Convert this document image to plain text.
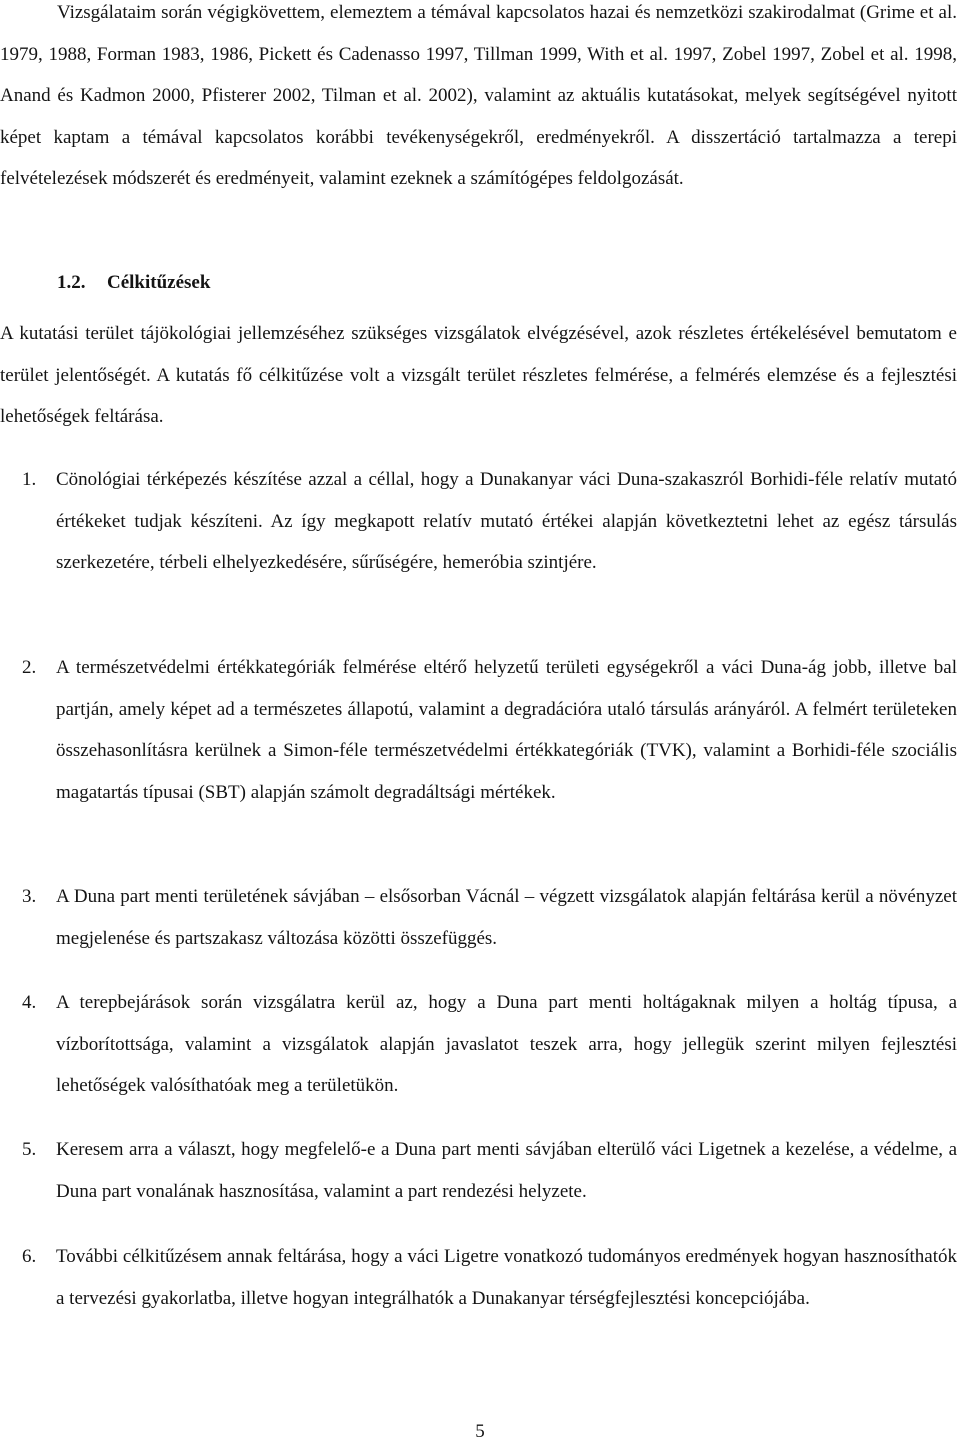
Vizsgálataim során végigkövettem, elemeztem a témával kapcsolatos hazai és nemzetközi szakirodalmat (Grime et al. 1979, 1988, Forman 1983, 1986, Pickett és Cadenasso 1997, Tillman 1999, With et al. 1997, Zobel 1997, Zobel et al. 1998, Anand és Kadmon 2000, Pfisterer 2002, Tilman et al. 2002), valamint az aktuális kutatásokat, melyek segítségével nyitott képet kaptam a témával kapcsolatos korábbi tevékenységekről, eredményekről. A disszertáció tartalmazza a terepi felvételezések módszerét és eredményeit, valamint ezeknek a számítógépes feldolgozását.

1.2. Célkitűzések

A kutatási terület tájökológiai jellemzéséhez szükséges vizsgálatok elvégzésével, azok részletes értékelésével bemutatom e terület jelentőségét. A kutatás fő célkitűzése volt a vizsgált terület részletes felmérése, a felmérés elemzése és a fejlesztési lehetőségek feltárása.

1. Cönológiai térképezés készítése azzal a céllal, hogy a Dunakanyar váci Duna-szakaszról Borhidi-féle relatív mutató értékeket tudjak készíteni. Az így megkapott relatív mutató értékei alapján következtetni lehet az egész társulás szerkezetére, térbeli elhelyezkedésére, sűrűségére, hemeróbia szintjére.
2. A természetvédelmi értékkategóriák felmérése eltérő helyzetű területi egységekről a váci Duna-ág jobb, illetve bal partján, amely képet ad a természetes állapotú, valamint a degradációra utaló társulás arányáról. A felmért területeken összehasonlításra kerülnek a Simon-féle természetvédelmi értékkategóriák (TVK), valamint a Borhidi-féle szociális magatartás típusai (SBT) alapján számolt degradáltsági mértékek.
3. A Duna part menti területének sávjában – elsősorban Vácnál – végzett vizsgálatok alapján feltárása kerül a növényzet megjelenése és partszakasz változása közötti összefüggés.
4. A terepbejárások során vizsgálatra kerül az, hogy a Duna part menti holtágaknak milyen a holtág típusa, a vízborítottsága, valamint a vizsgálatok alapján javaslatot teszek arra, hogy jellegük szerint milyen fejlesztési lehetőségek valósíthatóak meg a területükön.
5. Keresem arra a választ, hogy megfelelő-e a Duna part menti sávjában elterülő váci Ligetnek a kezelése, a védelme, a Duna part vonalának hasznosítása, valamint a part rendezési helyzete.
6. További célkitűzésem annak feltárása, hogy a váci Ligetre vonatkozó tudományos eredmények hogyan hasznosíthatók a tervezési gyakorlatba, illetve hogyan integrálhatók a Dunakanyar térségfejlesztési koncepciójába.
5
